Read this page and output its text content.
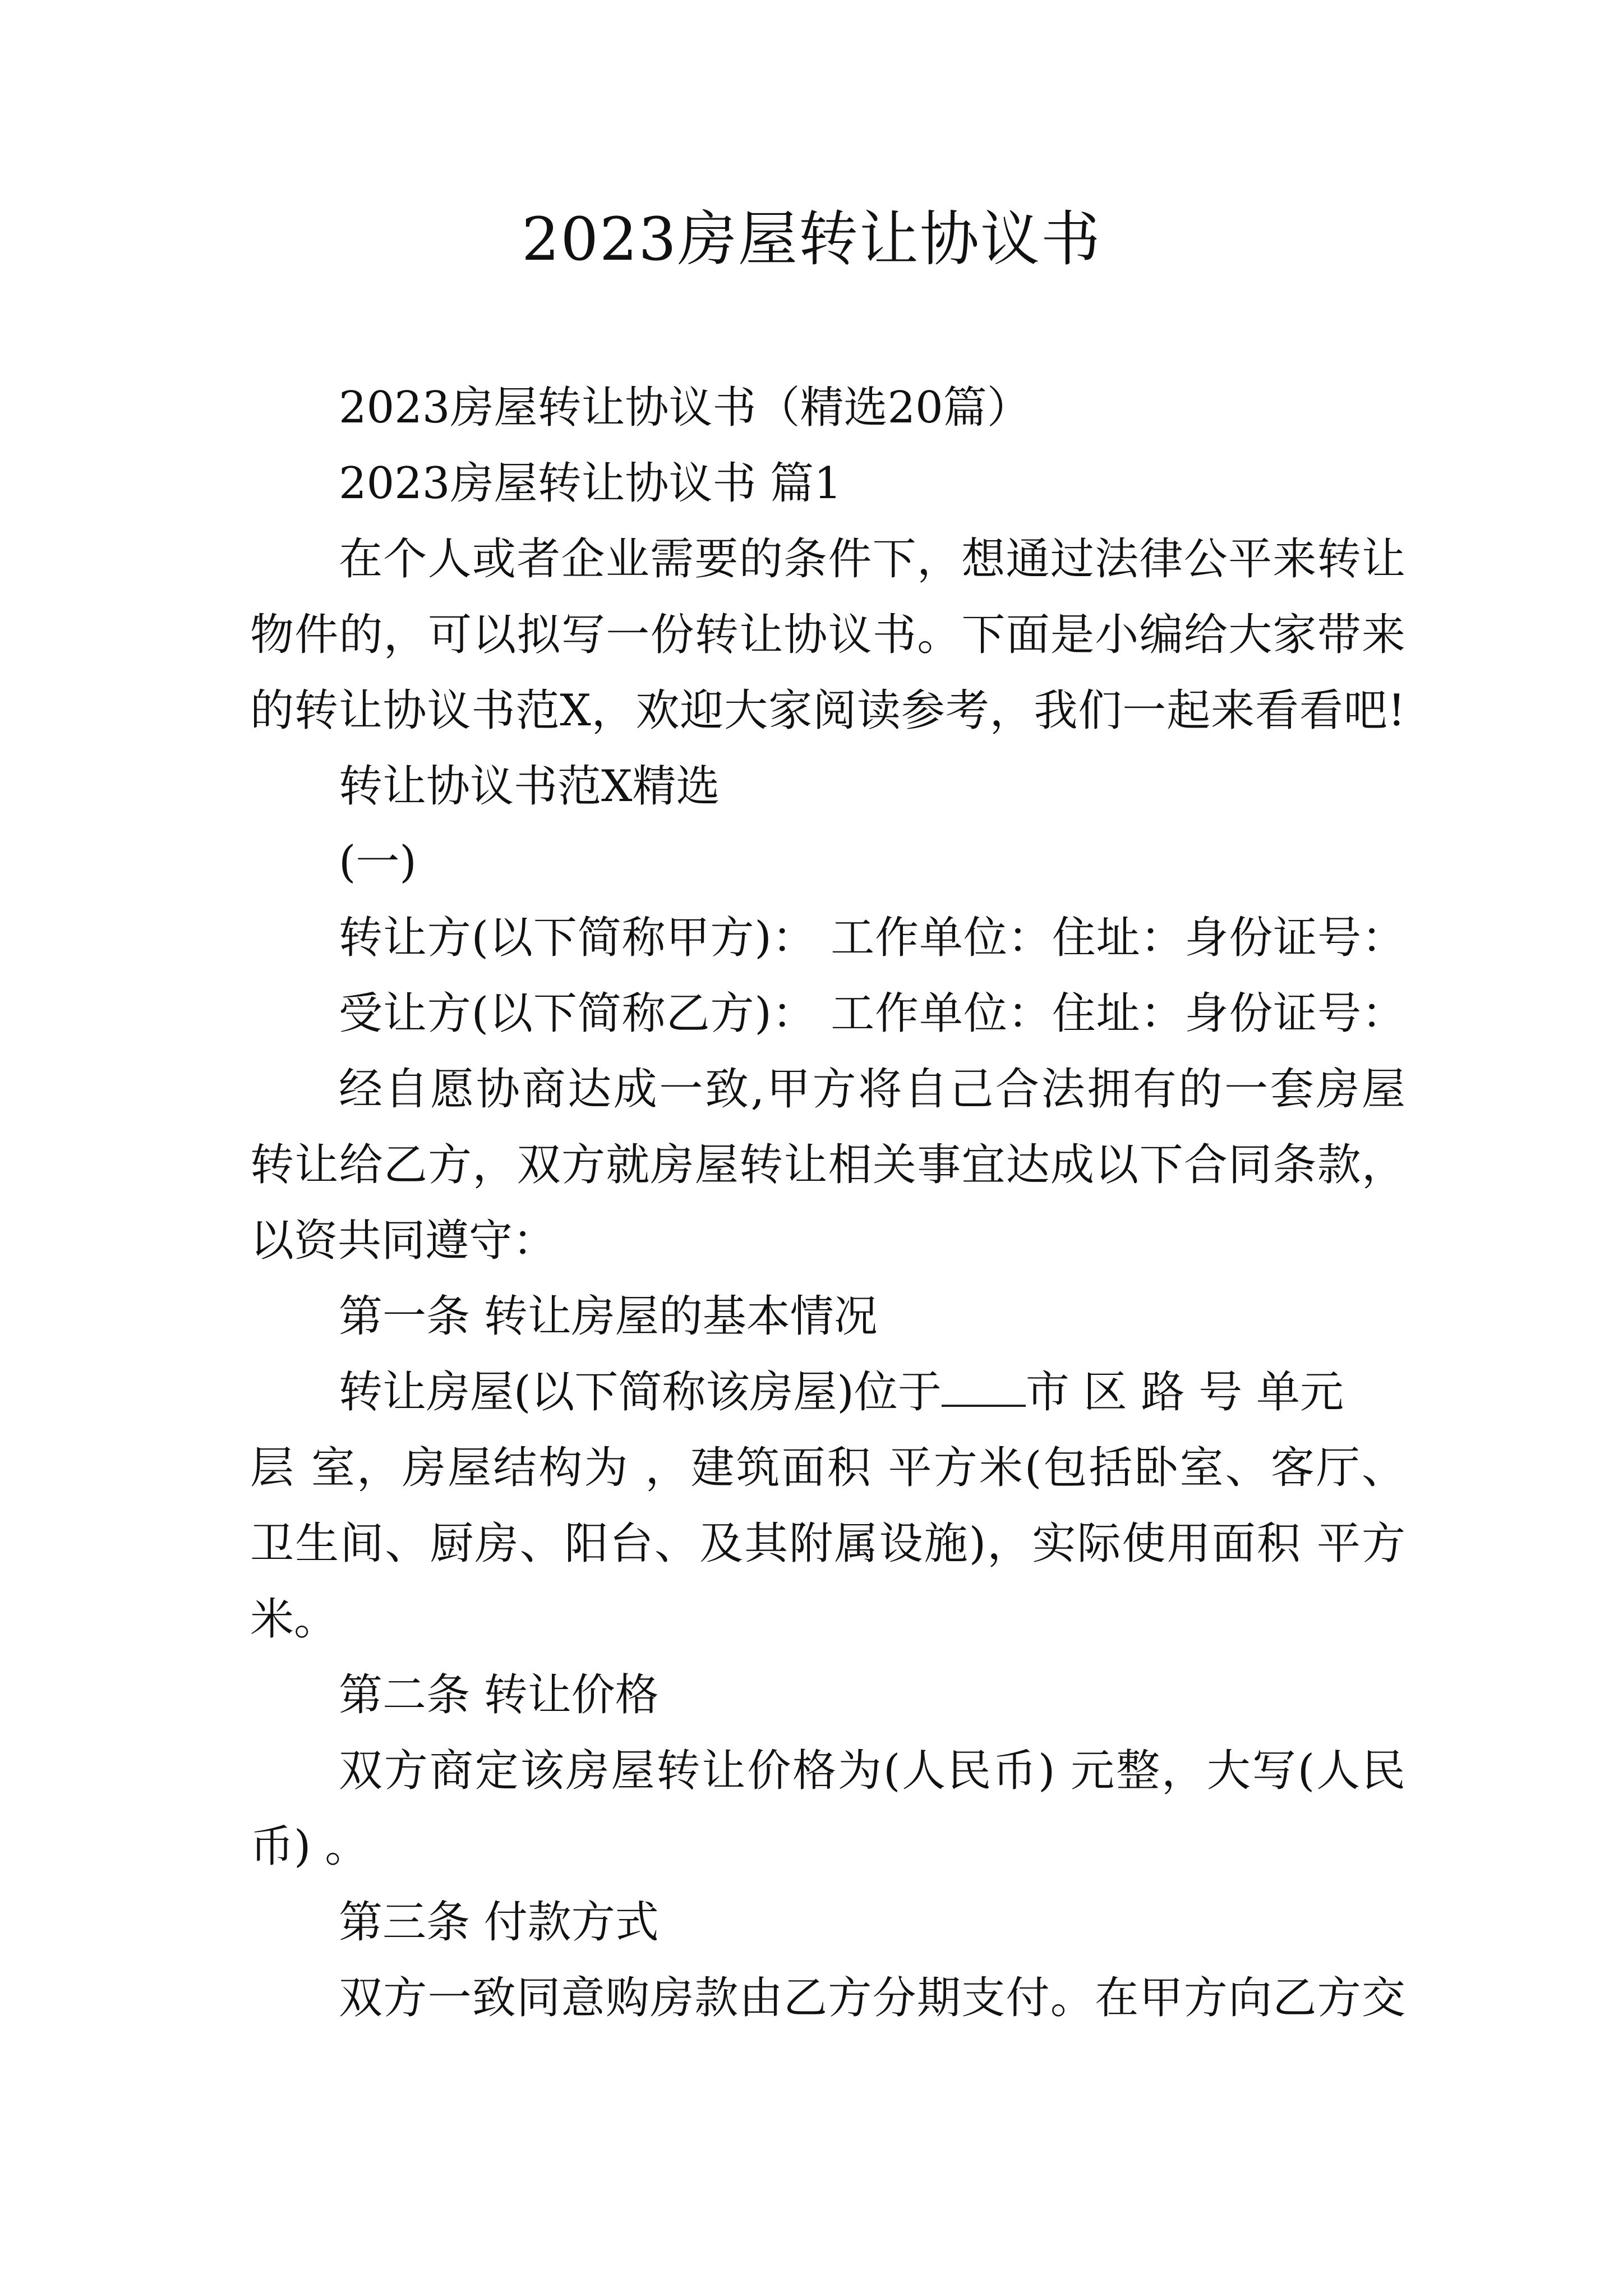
2023房屋转让协议书
2023房屋转让协议书（精选20篇）
2023房屋转让协议书 篇1
在个人或者企业需要的条件下，想通过法律公平来转让
物件的，可以拟写一份转让协议书。下面是小编给大家带来
的转让协议书范X，欢迎大家阅读参考，我们一起来看看吧!
转让协议书范X精选
(一)
转让方(以下简称甲方)： 工作单位：住址：身份证号：
受让方(以下简称乙方)： 工作单位：住址：身份证号：
经自愿协商达成一致,甲方将自己合法拥有的一套房屋
转让给乙方，双方就房屋转让相关事宜达成以下合同条款，
以资共同遵守：
第一条 转让房屋的基本情况
转让房屋(以下简称该房屋)位于 市 区 路 号 单元
层 室，房屋结构为 ，建筑面积 平方米(包括卧室、客厅、
卫生间、厨房、阳台、及其附属设施)，实际使用面积 平方
米。
第二条 转让价格
双方商定该房屋转让价格为(人民币) 元整，大写(人民
币) 。
第三条 付款方式
双方一致同意购房款由乙方分期支付。在甲方向乙方交
